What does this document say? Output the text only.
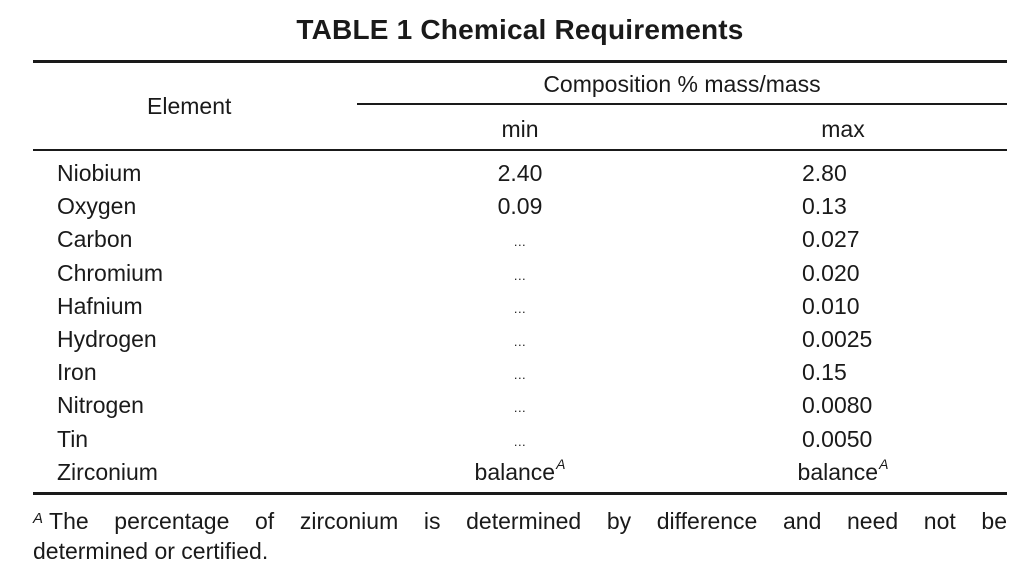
TABLE 1 Chemical Requirements
Element
Composition % mass/mass
min	max
Niobium	2.40	2.80
Oxygen	0.09	0.13
Carbon	...	0.027
Chromium	...	0.020
Hafnium	...	0.010
Hydrogen	...	0.0025
Iron	...	0.15
Nitrogen	...	0.0080
Tin	...	0.0050
Zirconium	balance$^A$	balance$^A$
$^A$ The percentage of zirconium is determined by difference and need not be
determined or certified.
